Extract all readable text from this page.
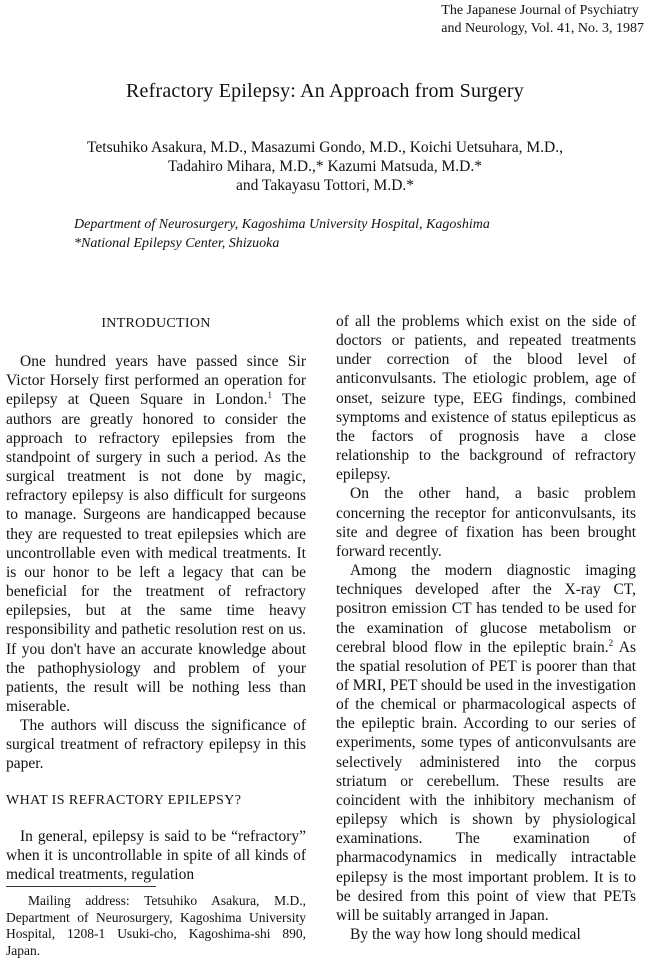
The Japanese Journal of Psychiatry
and Neurology, Vol. 41, No. 3, 1987
Refractory Epilepsy: An Approach from Surgery
Tetsuhiko Asakura, M.D., Masazumi Gondo, M.D., Koichi Uetsuhara, M.D.,
Tadahiro Mihara, M.D.,* Kazumi Matsuda, M.D.*
and Takayasu Tottori, M.D.*
Department of Neurosurgery, Kagoshima University Hospital, Kagoshima
*National Epilepsy Center, Shizuoka
INTRODUCTION

One hundred years have passed since Sir Victor Horsely first performed an operation for epilepsy at Queen Square in London.$^1$ The authors are greatly honored to consider the approach to refractory epilepsies from the standpoint of surgery in such a period. As the surgical treatment is not done by magic, refractory epilepsy is also difficult for surgeons to manage. Surgeons are handicapped because they are requested to treat epilepsies which are uncontrollable even with medical treatments. It is our honor to be left a legacy that can be beneficial for the treatment of refractory epilepsies, but at the same time heavy responsibility and pathetic resolution rest on us. If you don't have an accurate knowledge about the pathophysiology and problem of your patients, the result will be nothing less than miserable.

The authors will discuss the significance of surgical treatment of refractory epilepsy in this paper.

WHAT IS REFRACTORY EPILEPSY?

In general, epilepsy is said to be “refractory” when it is uncontrollable in spite of all kinds of medical treatments, regulation

Mailing address: Tetsuhiko Asakura, M.D., Department of Neurosurgery, Kagoshima University Hospital, 1208-1 Usuki-cho, Kagoshima-shi 890, Japan.

of all the problems which exist on the side of doctors or patients, and repeated treatments under correction of the blood level of anticonvulsants. The etiologic problem, age of onset, seizure type, EEG findings, combined symptoms and existence of status epilepticus as the factors of prognosis have a close relationship to the background of refractory epilepsy.

On the other hand, a basic problem concerning the receptor for anticonvulsants, its site and degree of fixation has been brought forward recently.

Among the modern diagnostic imaging techniques developed after the X-ray CT, positron emission CT has tended to be used for the examination of glucose metabolism or cerebral blood flow in the epileptic brain.$^2$ As the spatial resolution of PET is poorer than that of MRI, PET should be used in the investigation of the chemical or pharmacological aspects of the epileptic brain. According to our series of experiments, some types of anticonvulsants are selectively administered into the corpus striatum or cerebellum. These results are coincident with the inhibitory mechanism of epilepsy which is shown by physiological examinations. The examination of pharmacodynamics in medically intractable epilepsy is the most important problem. It is to be desired from this point of view that PETs will be suitably arranged in Japan.

By the way how long should medical
